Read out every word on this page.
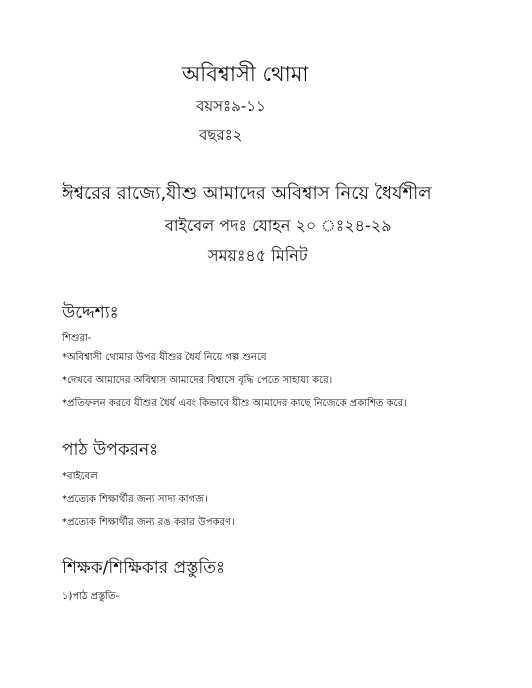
অবিশ্বাসী থোমা
বয়সঃ৯-১১
বছরঃ২
ঈশ্বরের রাজ্যে,যীশু আমাদের অবিশ্বাস নিয়ে ধৈর্যশীল
বাইবেল পদঃ যোহন ২০ ঃ২৪-২৯
সময়ঃ৪৫ মিনিট
উদ্দেশ্যঃ
শিশুরা-
*অবিশ্বাসী থোমার উপর যীশুর ধৈর্য নিয়ে গল্প শুনবে
*দেখবে আমাদের অবিশ্বাস আমাদের বিশ্বাসে বৃদ্ধি পেতে সাহায্য করে।
*প্রতিফলন করবে যীশুর ধৈর্য এবং কিভাবে যীশু আমাদের কাছে নিজেকে প্রকাশিত করে।
পাঠ উপকরনঃ
*বাইবেল
*প্রত্যেক শিক্ষার্থীর জন্য সাদা কাগজ।
*প্রত্যেক শিক্ষার্থীর জন্য রঙ করার উপকরণ।
শিক্ষক/শিক্ষিকার প্রস্তুতিঃ
১)পাঠ প্রস্তুতি-
